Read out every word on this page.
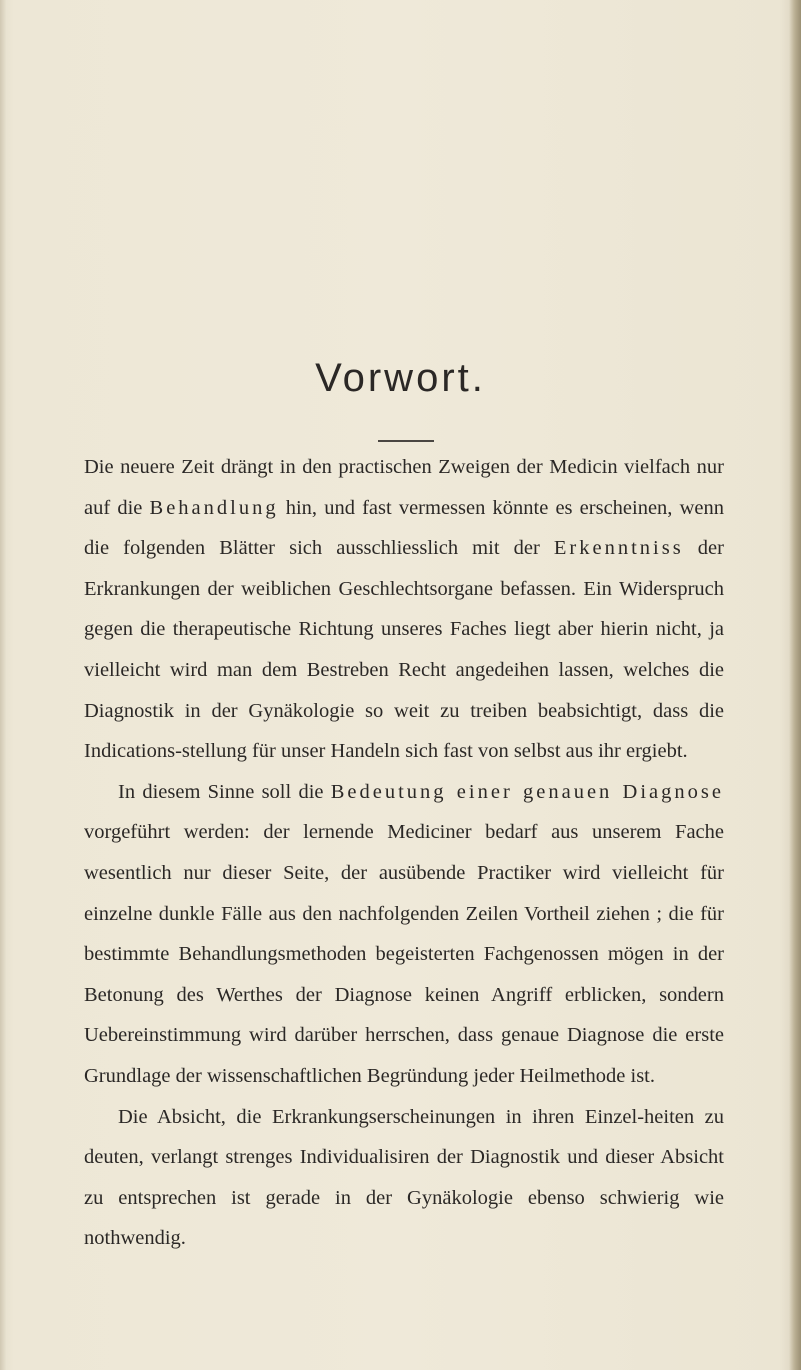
Vorwort.

Die neuere Zeit drängt in den practischen Zweigen der Medicin vielfach nur auf die Behandlung hin, und fast vermessen könnte es erscheinen, wenn die folgenden Blätter sich ausschliesslich mit der Erkenntniss der Erkrankungen der weiblichen Geschlechtsorgane befassen. Ein Widerspruch gegen die therapeutische Richtung unseres Faches liegt aber hierin nicht, ja vielleicht wird man dem Bestreben Recht angedeihen lassen, welches die Diagnostik in der Gynäkologie so weit zu treiben beabsichtigt, dass die Indications-stellung für unser Handeln sich fast von selbst aus ihr ergiebt.

In diesem Sinne soll die Bedeutung einer genauen Diagnose vorgeführt werden: der lernende Mediciner bedarf aus unserem Fache wesentlich nur dieser Seite, der ausübende Practiker wird vielleicht für einzelne dunkle Fälle aus den nachfolgenden Zeilen Vortheil ziehen ; die für bestimmte Behandlungsmethoden begeisterten Fachgenossen mögen in der Betonung des Werthes der Diagnose keinen Angriff erblicken, sondern Uebereinstimmung wird darüber herrschen, dass genaue Diagnose die erste Grundlage der wissenschaftlichen Begründung jeder Heilmethode ist.

Die Absicht, die Erkrankungserscheinungen in ihren Einzel-heiten zu deuten, verlangt strenges Individualisiren der Diagnostik und dieser Absicht zu entsprechen ist gerade in der Gynäkologie ebenso schwierig wie nothwendig.
